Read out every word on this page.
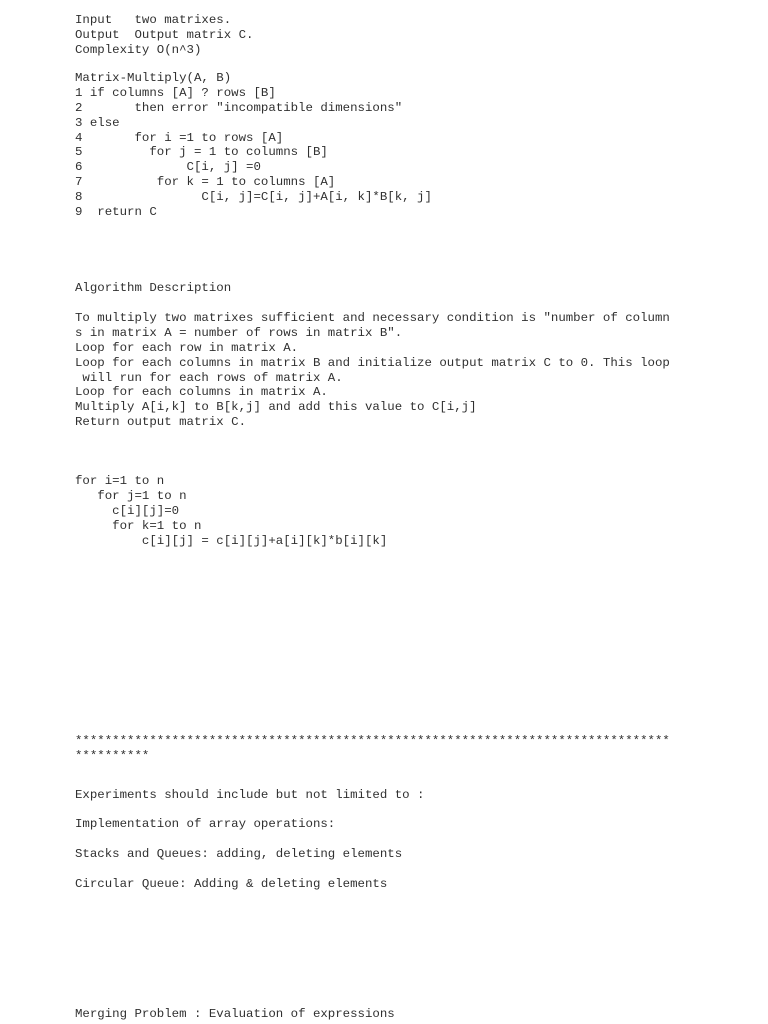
Input   two matrixes.
Output  Output matrix C.
Complexity O(n^3)
Matrix-Multiply(A, B)
1 if columns [A] ? rows [B]
2       then error "incompatible dimensions"
3 else
4       for i =1 to rows [A]
5         for j = 1 to columns [B]
6              C[i, j] =0
7          for k = 1 to columns [A]
8                C[i, j]=C[i, j]+A[i, k]*B[k, j]
9  return C
Algorithm Description
To multiply two matrixes sufficient and necessary condition is "number of column
s in matrix A = number of rows in matrix B".
Loop for each row in matrix A.
Loop for each columns in matrix B and initialize output matrix C to 0. This loop
will run for each rows of matrix A.
Loop for each columns in matrix A.
Multiply A[i,k] to B[k,j] and add this value to C[i,j]
Return output matrix C.
for i=1 to n
for j=1 to n
c[i][j]=0
for k=1 to n
c[i][j] = c[i][j]+a[i][k]*b[i][k]
********************************************************************************
**********
Experiments should include but not limited to :
Implementation of array operations:
Stacks and Queues: adding, deleting elements
Circular Queue: Adding & deleting elements
Merging Problem : Evaluation of expressions
